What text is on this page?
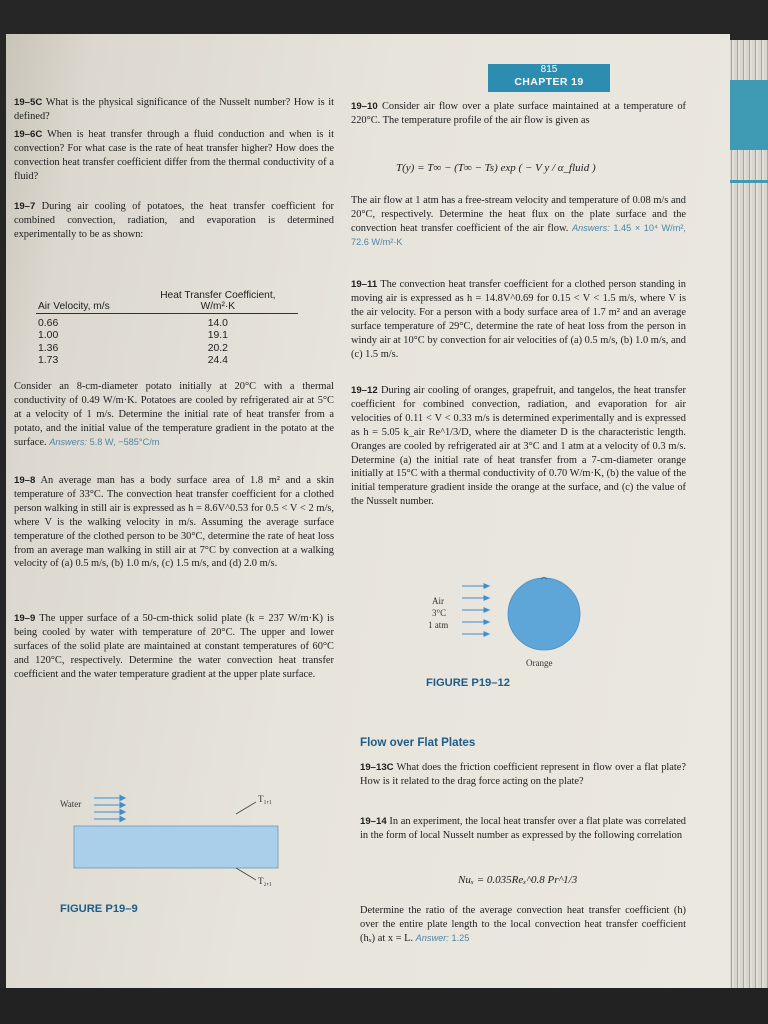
815
CHAPTER 19

19–5C What is the physical significance of the Nusselt number? How is it defined?

19–6C When is heat transfer through a fluid conduction and when is it convection? For what case is the rate of heat transfer higher? How does the convection heat transfer coefficient differ from the thermal conductivity of a fluid?

19–7 During air cooling of potatoes, the heat transfer coefficient for combined convection, radiation, and evaporation is determined experimentally to be as shown:

Air Velocity, m/s	Heat Transfer Coefficient,
W/m²·K
0.66	14.0
1.00	19.1
1.36	20.2
1.73	24.4

Consider an 8-cm-diameter potato initially at 20°C with a thermal conductivity of 0.49 W/m·K. Potatoes are cooled by refrigerated air at 5°C at a velocity of 1 m/s. Determine the initial rate of heat transfer from a potato, and the initial value of the temperature gradient in the potato at the surface. Answers: 5.8 W, −585°C/m

19–8 An average man has a body surface area of 1.8 m² and a skin temperature of 33°C. The convection heat transfer coefficient for a clothed person walking in still air is expressed as h = 8.6V^0.53 for 0.5 < V < 2 m/s, where V is the walking velocity in m/s. Assuming the average surface temperature of the clothed person to be 30°C, determine the rate of heat loss from an average man walking in still air at 7°C by convection at a walking velocity of (a) 0.5 m/s, (b) 1.0 m/s, (c) 1.5 m/s, and (d) 2.0 m/s.

19–9 The upper surface of a 50-cm-thick solid plate (k = 237 W/m·K) is being cooled by water with temperature of 20°C. The upper and lower surfaces of the solid plate are maintained at constant temperatures of 60°C and 120°C, respectively. Determine the water convection heat transfer coefficient and the water temperature gradient at the upper plate surface.

Water	T₁,₁
T₂,₁
FIGURE P19–9

19–10 Consider air flow over a plate surface maintained at a temperature of 220°C. The temperature profile of the air flow is given as

T(y) = T∞ − (T∞ − Ts) exp ( − V y / α_fluid )

The air flow at 1 atm has a free-stream velocity and temperature of 0.08 m/s and 20°C, respectively. Determine the heat flux on the plate surface and the convection heat transfer coefficient of the air flow. Answers: 1.45 × 10⁴ W/m², 72.6 W/m²·K

19–11 The convection heat transfer coefficient for a clothed person standing in moving air is expressed as h = 14.8V^0.69 for 0.15 < V < 1.5 m/s, where V is the air velocity. For a person with a body surface area of 1.7 m² and an average surface temperature of 29°C, determine the rate of heat loss from the person in windy air at 10°C by convection for air velocities of (a) 0.5 m/s, (b) 1.0 m/s, and (c) 1.5 m/s.

19–12 During air cooling of oranges, grapefruit, and tangelos, the heat transfer coefficient for combined convection, radiation, and evaporation for air velocities of 0.11 < V < 0.33 m/s is determined experimentally and is expressed as h = 5.05 k_air Re^1/3/D, where the diameter D is the characteristic length. Oranges are cooled by refrigerated air at 3°C and 1 atm at a velocity of 0.3 m/s. Determine (a) the initial rate of heat transfer from a 7-cm-diameter orange initially at 15°C with a thermal conductivity of 0.70 W/m·K, (b) the value of the initial temperature gradient inside the orange at the surface, and (c) the value of the Nusselt number.

Air
3°C
1 atm
Orange
FIGURE P19–12
Flow over Flat Plates

19–13C What does the friction coefficient represent in flow over a flat plate? How is it related to the drag force acting on the plate?

19–14 In an experiment, the local heat transfer over a flat plate was correlated in the form of local Nusselt number as expressed by the following correlation

Nuₓ = 0.035Reₓ^0.8 Pr^1/3

Determine the ratio of the average convection heat transfer coefficient (h) over the entire plate length to the local convection heat transfer coefficient (hₓ) at x = L. Answer: 1.25
